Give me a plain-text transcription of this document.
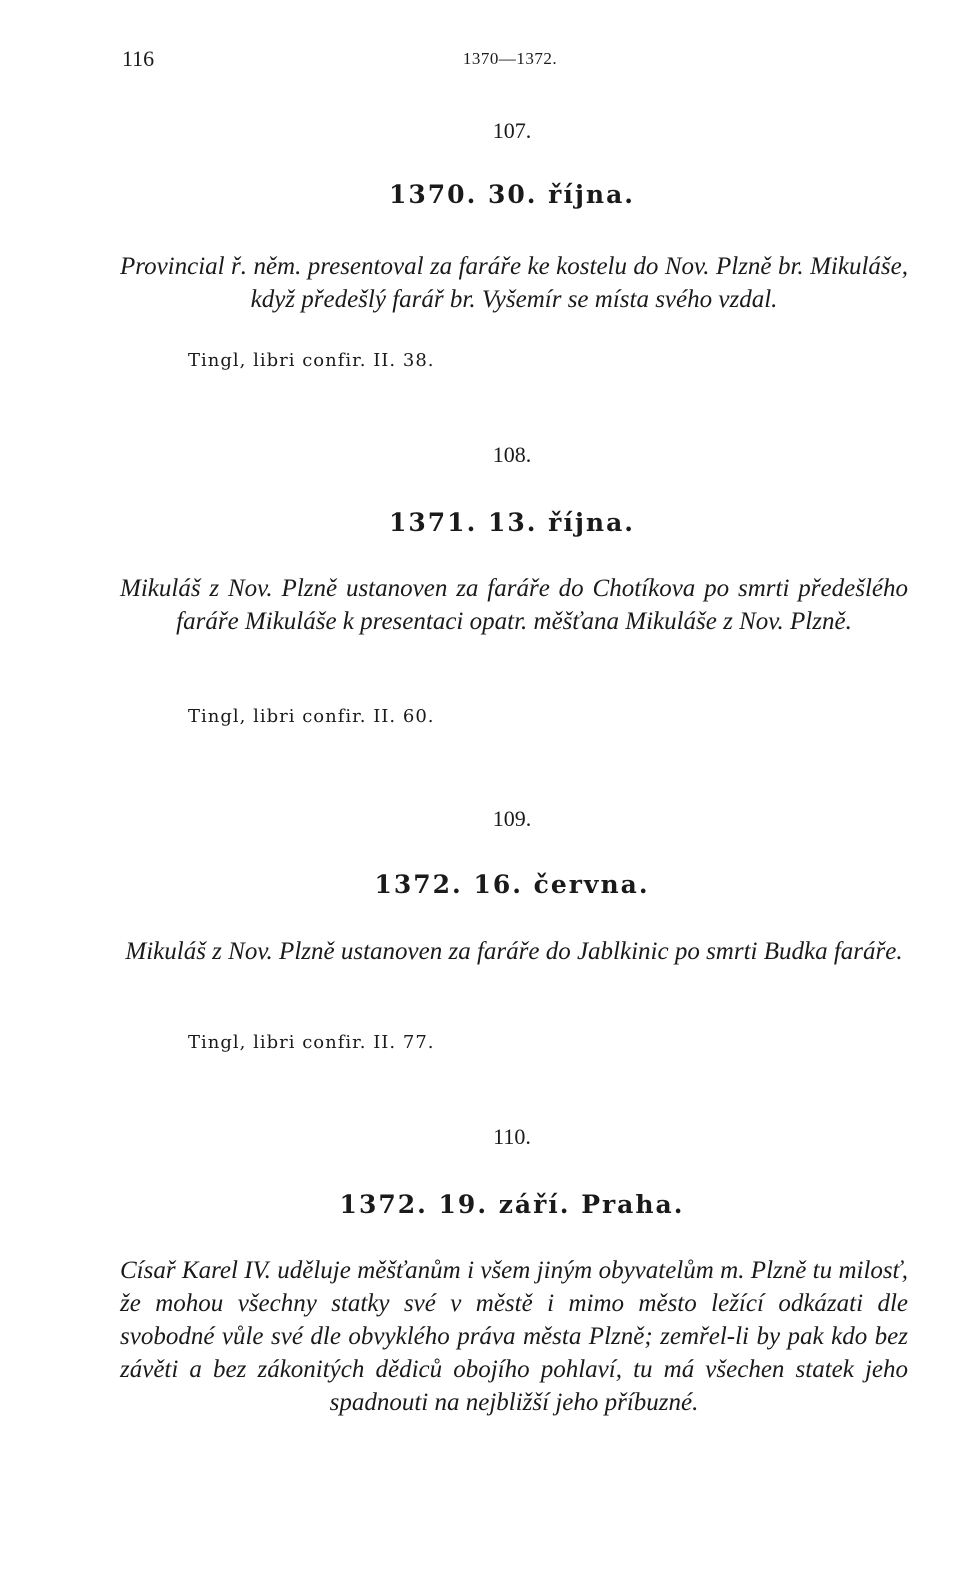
116	1370—1372.
107.
1370. 30. října.
Provincial ř. něm. presentoval za faráře ke kostelu do Nov. Plzně br. Mikuláše, když předešlý farář br. Vyšemír se místa svého vzdal.
Tingl, libri confir. II. 38.
108.
1371. 13. října.
Mikuláš z Nov. Plzně ustanoven za faráře do Chotíkova po smrti předešlého faráře Mikuláše k presentaci opatr. měšťana Mikuláše z Nov. Plzně.
Tingl, libri confir. II. 60.
109.
1372. 16. června.
Mikuláš z Nov. Plzně ustanoven za faráře do Jablkinic po smrti Budka faráře.
Tingl, libri confir. II. 77.
110.
1372. 19. září. Praha.
Císař Karel IV. uděluje měšťanům i všem jiným obyvatelům m. Plzně tu milosť, že mohou všechny statky své v městě i mimo město ležící odkázati dle svobodné vůle své dle obvyklého práva města Plzně; zemřel-li by pak kdo bez závěti a bez zákonitých dědiců obojího pohlaví, tu má všechen statek jeho spadnouti na nejbližší jeho příbuzné.
